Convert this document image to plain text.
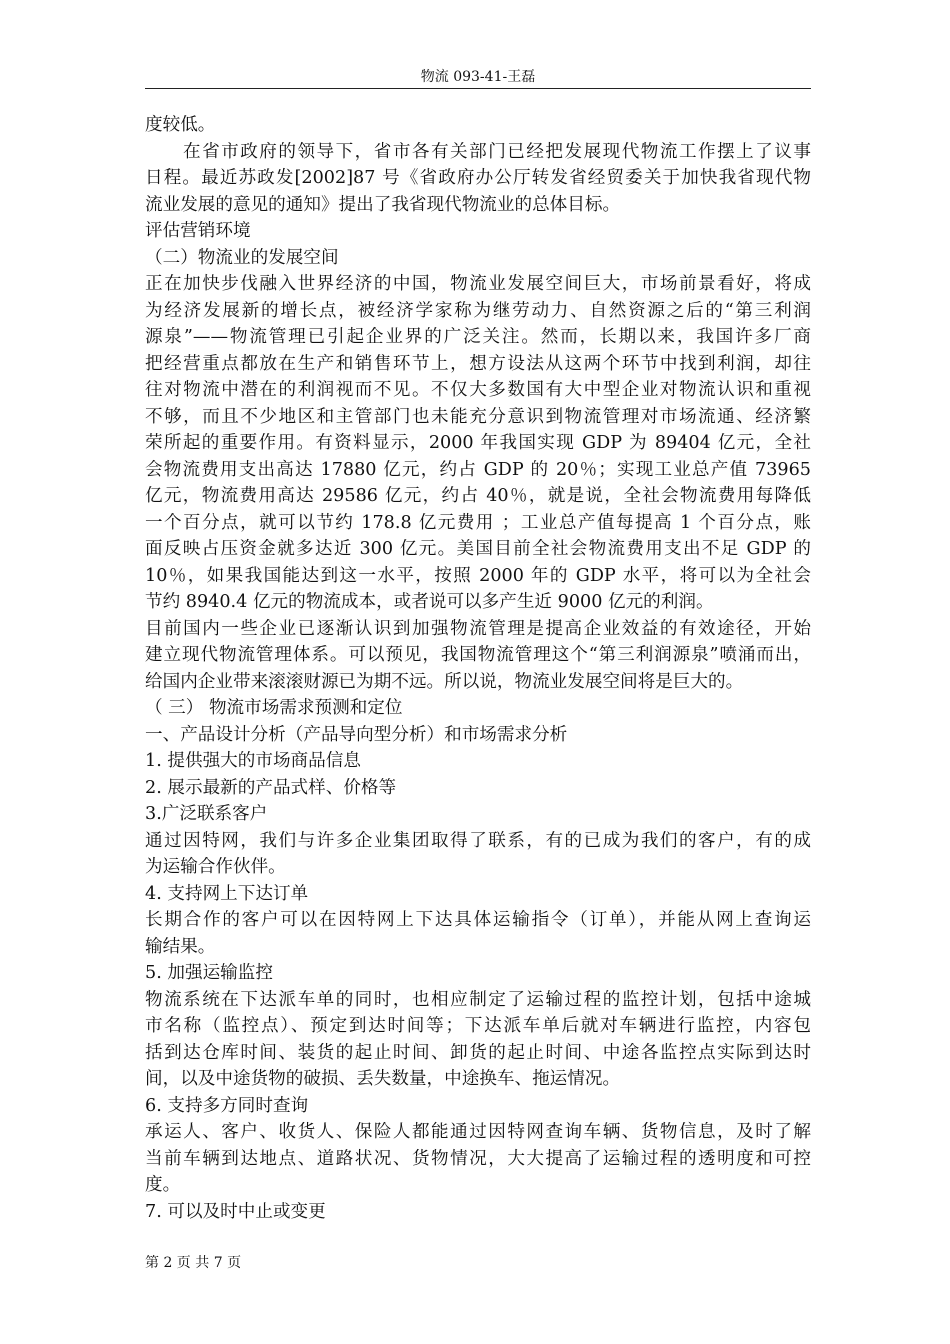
物流 093-41-王磊
度较低。
在省市政府的领导下，省市各有关部门已经把发展现代物流工作摆上了议事
日程。最近苏政发[2002]87 号《省政府办公厅转发省经贸委关于加快我省现代物
流业发展的意见的通知》提出了我省现代物流业的总体目标。
评估营销环境
（二）物流业的发展空间
正在加快步伐融入世界经济的中国，物流业发展空间巨大，市场前景看好，将成
为经济发展新的增长点，被经济学家称为继劳动力、自然资源之后的“第三利润
源泉”——物流管理已引起企业界的广泛关注。然而，长期以来，我国许多厂商
把经营重点都放在生产和销售环节上，想方设法从这两个环节中找到利润，却往
往对物流中潜在的利润视而不见。不仅大多数国有大中型企业对物流认识和重视
不够，而且不少地区和主管部门也未能充分意识到物流管理对市场流通、经济繁
荣所起的重要作用。有资料显示，2000 年我国实现 GDP 为 89404 亿元，全社
会物流费用支出高达 17880 亿元，约占 GDP 的 20％；实现工业总产值 73965
亿元，物流费用高达 29586 亿元，约占 40％，就是说，全社会物流费用每降低
一个百分点，就可以节约 178.8 亿元费用 ；工业总产值每提高 1 个百分点，账
面反映占压资金就多达近 300 亿元。美国目前全社会物流费用支出不足 GDP 的
10％，如果我国能达到这一水平，按照 2000 年的 GDP 水平，将可以为全社会
节约 8940.4 亿元的物流成本，或者说可以多产生近 9000 亿元的利润。
目前国内一些企业已逐渐认识到加强物流管理是提高企业效益的有效途径，开始
建立现代物流管理体系。可以预见，我国物流管理这个“第三利润源泉”喷涌而出，
给国内企业带来滚滚财源已为期不远。所以说，物流业发展空间将是巨大的。
（ 三） 物流市场需求预测和定位
一、产品设计分析（产品导向型分析）和市场需求分析
1. 提供强大的市场商品信息
2. 展示最新的产品式样、价格等
3.广泛联系客户
通过因特网，我们与许多企业集团取得了联系，有的已成为我们的客户，有的成
为运输合作伙伴。
4. 支持网上下达订单
长期合作的客户可以在因特网上下达具体运输指令（订单），并能从网上查询运
输结果。
5. 加强运输监控
物流系统在下达派车单的同时，也相应制定了运输过程的监控计划，包括中途城
市名称（监控点）、预定到达时间等；下达派车单后就对车辆进行监控，内容包
括到达仓库时间、装货的起止时间、卸货的起止时间、中途各监控点实际到达时
间，以及中途货物的破损、丢失数量，中途换车、拖运情况。
6. 支持多方同时查询
承运人、客户、收货人、保险人都能通过因特网查询车辆、货物信息，及时了解
当前车辆到达地点、道路状况、货物情况，大大提高了运输过程的透明度和可控
度。
7. 可以及时中止或变更
第 2 页 共 7 页
